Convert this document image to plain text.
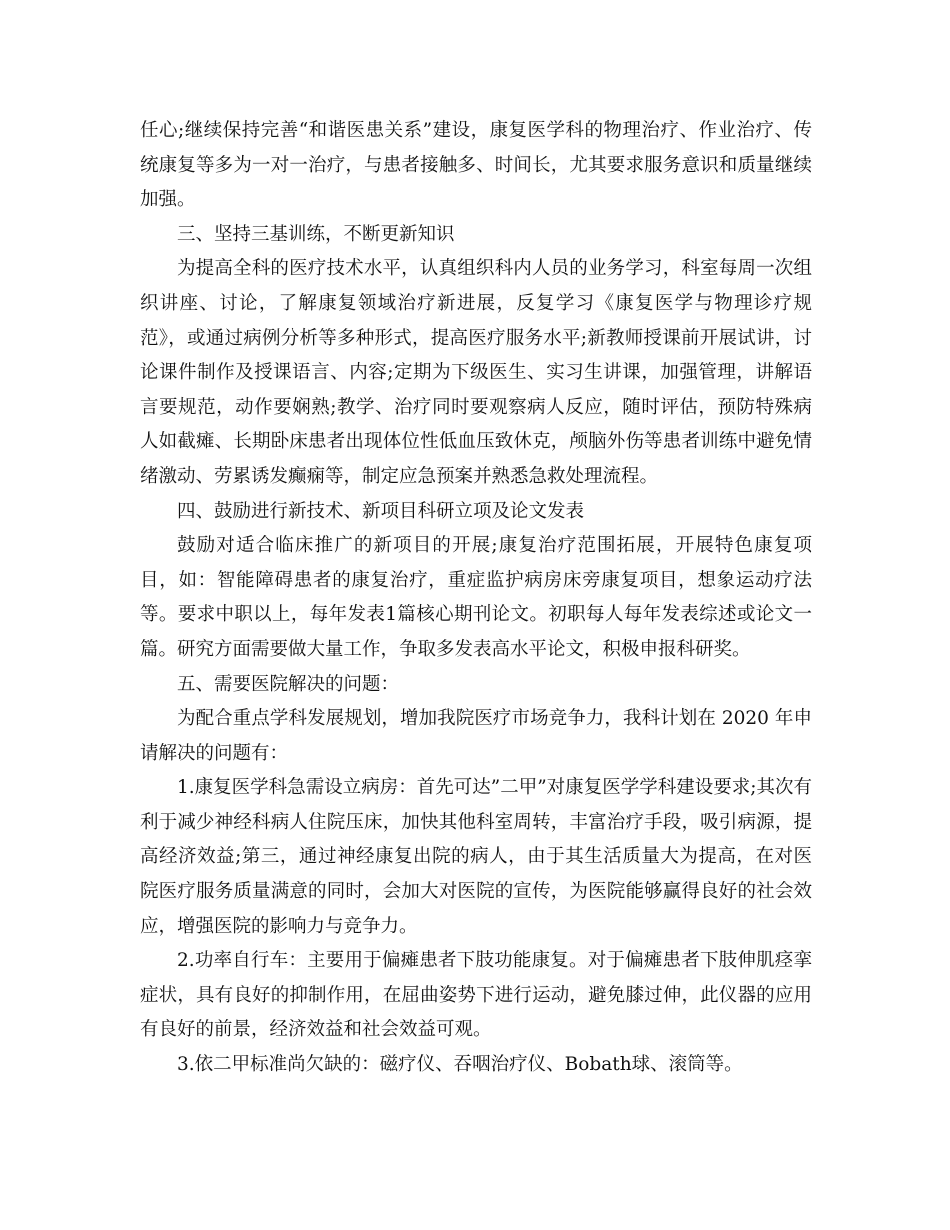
任心;继续保持完善“和谐医患关系”建设，康复医学科的物理治疗、作业治疗、传统康复等多为一对一治疗，与患者接触多、时间长，尤其要求服务意识和质量继续加强。

三、坚持三基训练，不断更新知识

为提高全科的医疗技术水平，认真组织科内人员的业务学习，科室每周一次组织讲座、讨论，了解康复领域治疗新进展，反复学习《康复医学与物理诊疗规范》，或通过病例分析等多种形式，提高医疗服务水平;新教师授课前开展试讲，讨论课件制作及授课语言、内容;定期为下级医生、实习生讲课，加强管理，讲解语言要规范，动作要娴熟;教学、治疗同时要观察病人反应，随时评估，预防特殊病人如截瘫、长期卧床患者出现体位性低血压致休克，颅脑外伤等患者训练中避免情绪激动、劳累诱发癫痫等，制定应急预案并熟悉急救处理流程。

四、鼓励进行新技术、新项目科研立项及论文发表

鼓励对适合临床推广的新项目的开展;康复治疗范围拓展，开展特色康复项目，如：智能障碍患者的康复治疗，重症监护病房床旁康复项目，想象运动疗法等。要求中职以上，每年发表1篇核心期刊论文。初职每人每年发表综述或论文一篇。研究方面需要做大量工作，争取多发表高水平论文，积极申报科研奖。

五、需要医院解决的问题：

为配合重点学科发展规划，增加我院医疗市场竞争力，我科计划在 2020 年申请解决的问题有：

1.康复医学科急需设立病房：首先可达”二甲”对康复医学学科建设要求;其次有利于减少神经科病人住院压床，加快其他科室周转，丰富治疗手段，吸引病源，提高经济效益;第三，通过神经康复出院的病人，由于其生活质量大为提高，在对医院医疗服务质量满意的同时，会加大对医院的宣传，为医院能够赢得良好的社会效应，增强医院的影响力与竞争力。

2.功率自行车：主要用于偏瘫患者下肢功能康复。对于偏瘫患者下肢伸肌痉挛症状，具有良好的抑制作用，在屈曲姿势下进行运动，避免膝过伸，此仪器的应用有良好的前景，经济效益和社会效益可观。

3.依二甲标准尚欠缺的：磁疗仪、吞咽治疗仪、Bobath球、滚筒等。
